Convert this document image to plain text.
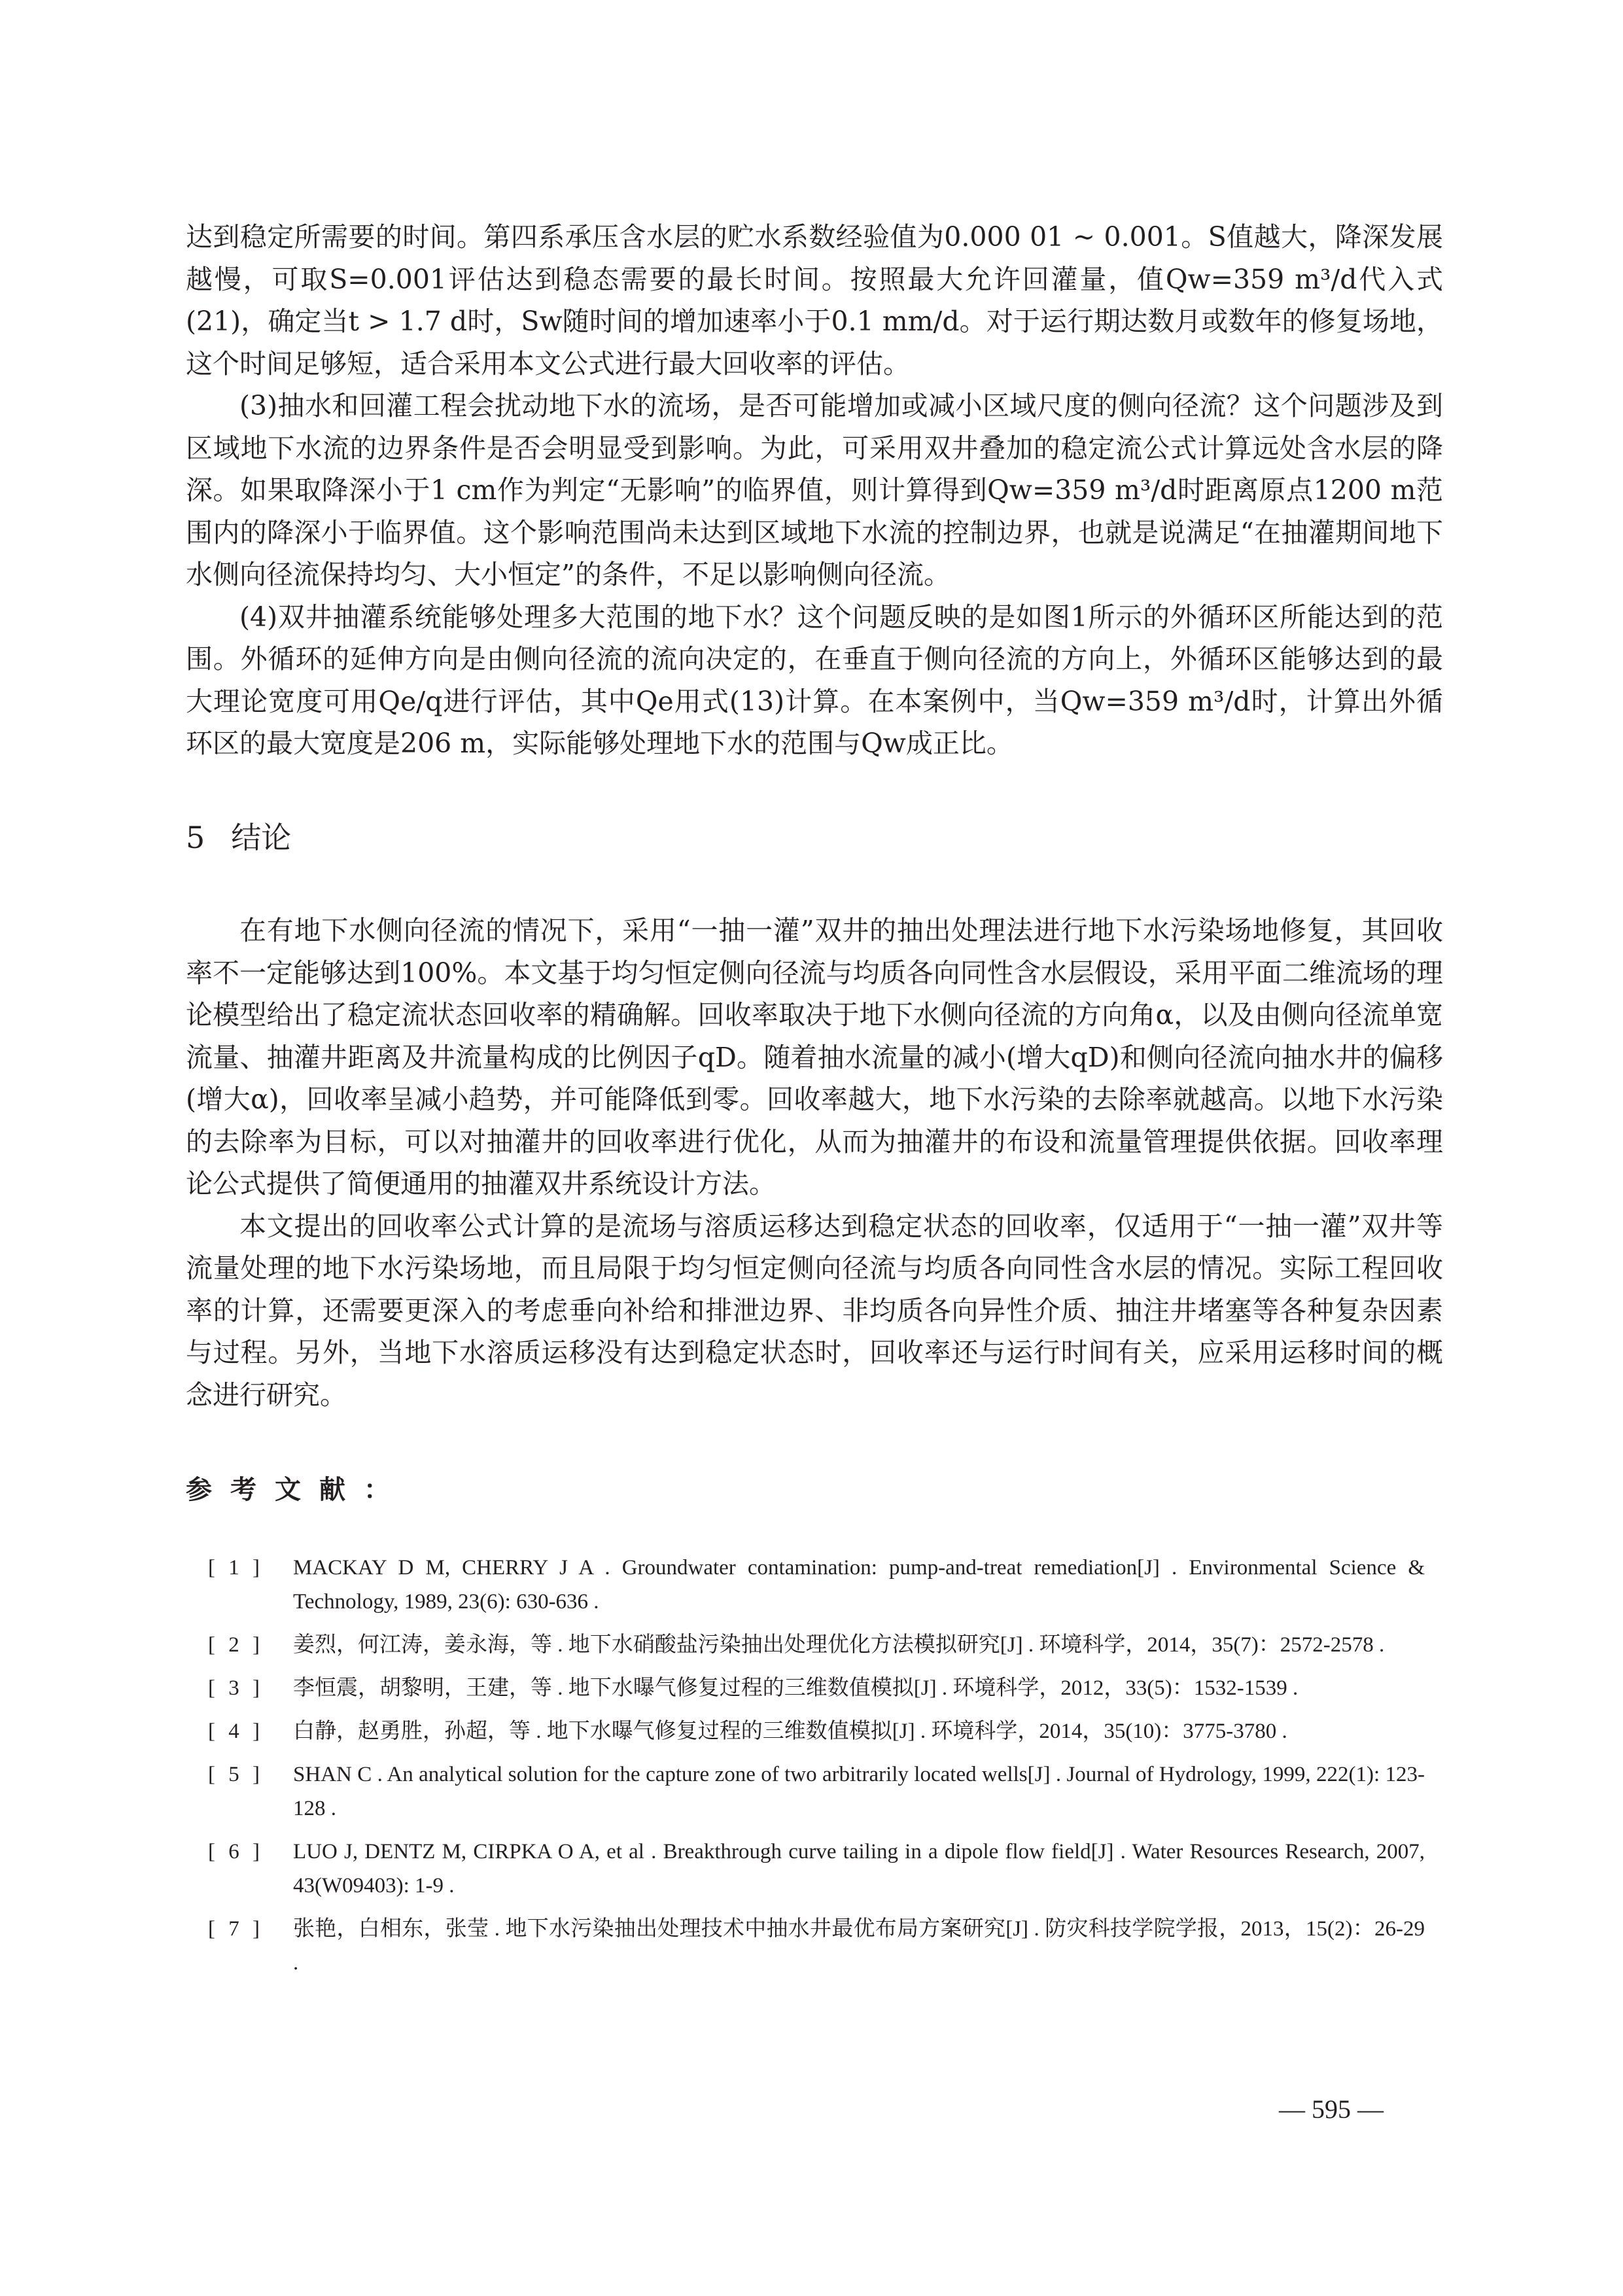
达到稳定所需要的时间。第四系承压含水层的贮水系数经验值为0.000 01 ~ 0.001。S值越大，降深发展越慢，可取S=0.001评估达到稳态需要的最长时间。按照最大允许回灌量，值Qw=359 m³/d代入式(21)，确定当t > 1.7 d时，Sw随时间的增加速率小于0.1 mm/d。对于运行期达数月或数年的修复场地，这个时间足够短，适合采用本文公式进行最大回收率的评估。

(3)抽水和回灌工程会扰动地下水的流场，是否可能增加或减小区域尺度的侧向径流？这个问题涉及到区域地下水流的边界条件是否会明显受到影响。为此，可采用双井叠加的稳定流公式计算远处含水层的降深。如果取降深小于1 cm作为判定“无影响”的临界值，则计算得到Qw=359 m³/d时距离原点1200 m范围内的降深小于临界值。这个影响范围尚未达到区域地下水流的控制边界，也就是说满足“在抽灌期间地下水侧向径流保持均匀、大小恒定”的条件，不足以影响侧向径流。

(4)双井抽灌系统能够处理多大范围的地下水？这个问题反映的是如图1所示的外循环区所能达到的范围。外循环的延伸方向是由侧向径流的流向决定的，在垂直于侧向径流的方向上，外循环区能够达到的最大理论宽度可用Qe/q进行评估，其中Qe用式(13)计算。在本案例中，当Qw=359 m³/d时，计算出外循环区的最大宽度是206 m，实际能够处理地下水的范围与Qw成正比。

5 结论

在有地下水侧向径流的情况下，采用“一抽一灌”双井的抽出处理法进行地下水污染场地修复，其回收率不一定能够达到100%。本文基于均匀恒定侧向径流与均质各向同性含水层假设，采用平面二维流场的理论模型给出了稳定流状态回收率的精确解。回收率取决于地下水侧向径流的方向角α，以及由侧向径流单宽流量、抽灌井距离及井流量构成的比例因子qD。随着抽水流量的减小(增大qD)和侧向径流向抽水井的偏移(增大α)，回收率呈减小趋势，并可能降低到零。回收率越大，地下水污染的去除率就越高。以地下水污染的去除率为目标，可以对抽灌井的回收率进行优化，从而为抽灌井的布设和流量管理提供依据。回收率理论公式提供了简便通用的抽灌双井系统设计方法。

本文提出的回收率公式计算的是流场与溶质运移达到稳定状态的回收率，仅适用于“一抽一灌”双井等流量处理的地下水污染场地，而且局限于均匀恒定侧向径流与均质各向同性含水层的情况。实际工程回收率的计算，还需要更深入的考虑垂向补给和排泄边界、非均质各向异性介质、抽注井堵塞等各种复杂因素与过程。另外，当地下水溶质运移没有达到稳定状态时，回收率还与运行时间有关，应采用运移时间的概念进行研究。

参考文献：
[ 1 ]	MACKAY D M, CHERRY J A . Groundwater contamination: pump-and-treat remediation[J] . Environmental Science & Technology, 1989, 23(6): 630-636 .
[ 2 ]	姜烈，何江涛，姜永海，等 . 地下水硝酸盐污染抽出处理优化方法模拟研究[J] . 环境科学，2014，35(7)：2572-2578 .
[ 3 ]	李恒震，胡黎明，王建，等 . 地下水曝气修复过程的三维数值模拟[J] . 环境科学，2012，33(5)：1532-1539 .
[ 4 ]	白静，赵勇胜，孙超，等 . 地下水曝气修复过程的三维数值模拟[J] . 环境科学，2014，35(10)：3775-3780 .
[ 5 ]	SHAN C . An analytical solution for the capture zone of two arbitrarily located wells[J] . Journal of Hydrology, 1999, 222(1): 123-128 .
[ 6 ]	LUO J, DENTZ M, CIRPKA O A, et al . Breakthrough curve tailing in a dipole flow field[J] . Water Resources Research, 2007, 43(W09403): 1-9 .
[ 7 ]	张艳，白相东，张莹 . 地下水污染抽出处理技术中抽水井最优布局方案研究[J] . 防灾科技学院学报，2013，15(2)：26-29 .
— 595 —
